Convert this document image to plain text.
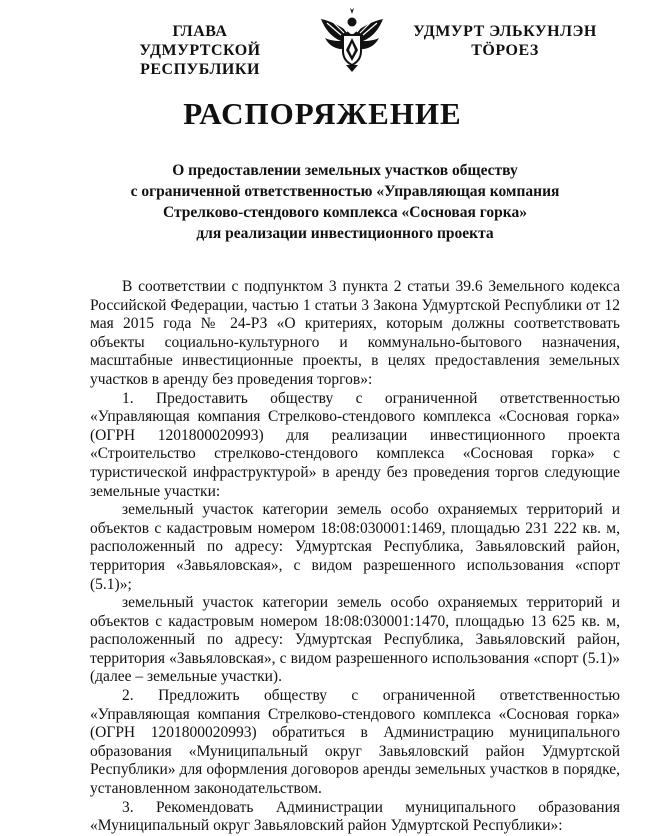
ГЛАВА
УДМУРТСКОЙ РЕСПУБЛИКИ
УДМУРТ ЭЛЬКУНЛЭН
ТӦРОЕЗ
РАСПОРЯЖЕНИЕ
О предоставлении земельных участков обществу
с ограниченной ответственностью «Управляющая компания
Стрелково-стендового комплекса «Сосновая горка»
для реализации инвестиционного проекта

В соответствии с подпунктом 3 пункта 2 статьи 39.6 Земельного кодекса Российской Федерации, частью 1 статьи 3 Закона Удмуртской Республики от 12 мая 2015 года № 24-РЗ «О критериях, которым должны соответствовать объекты социально-культурного и коммунально-бытового назначения, масштабные инвестиционные проекты, в целях предоставления земельных участков в аренду без проведения торгов»:

1. Предоставить обществу с ограниченной ответственностью «Управляющая компания Стрелково-стендового комплекса «Сосновая горка» (ОГРН 1201800020993) для реализации инвестиционного проекта «Строительство стрелково-стендового комплекса «Сосновая горка» с туристической инфраструктурой» в аренду без проведения торгов следующие земельные участки:

земельный участок категории земель особо охраняемых территорий и объектов с кадастровым номером 18:08:030001:1469, площадью 231 222 кв. м, расположенный по адресу: Удмуртская Республика, Завьяловский район, территория «Завьяловская», с видом разрешенного использования «спорт (5.1)»;

земельный участок категории земель особо охраняемых территорий и объектов с кадастровым номером 18:08:030001:1470, площадью 13 625 кв. м, расположенный по адресу: Удмуртская Республика, Завьяловский район, территория «Завьяловская», с видом разрешенного использования «спорт (5.1)» (далее – земельные участки).

2. Предложить обществу с ограниченной ответственностью «Управляющая компания Стрелково-стендового комплекса «Сосновая горка» (ОГРН 1201800020993) обратиться в Администрацию муниципального образования «Муниципальный округ Завьяловский район Удмуртской Республики» для оформления договоров аренды земельных участков в порядке, установленном законодательством.

3. Рекомендовать Администрации муниципального образования «Муниципальный округ Завьяловский район Удмуртской Республики»:
